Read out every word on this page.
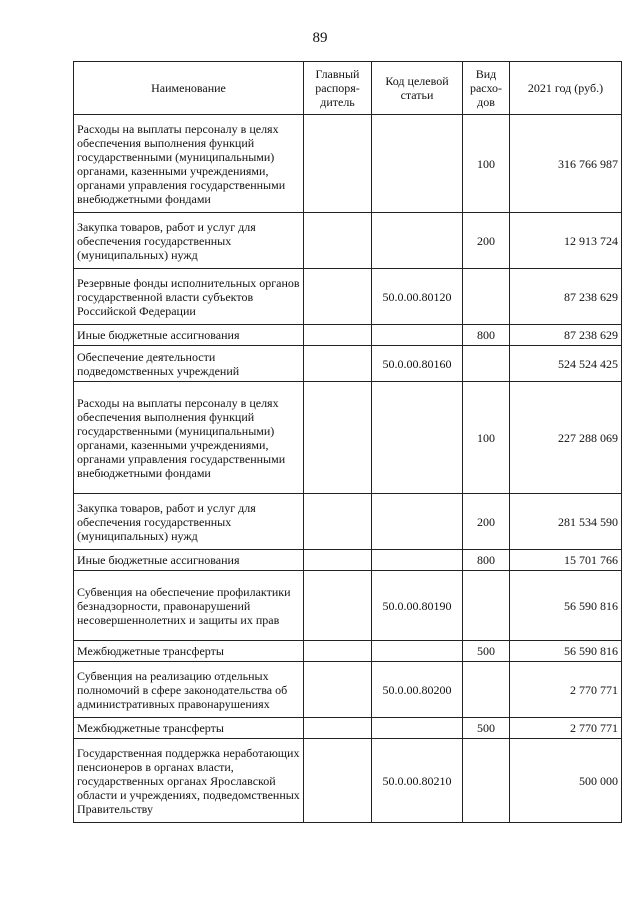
89
Наименование	Главный распоря-дитель	Код целевой статьи	Вид расхо-дов	2021 год (руб.)
Расходы на выплаты персоналу в целях обеспечения выполнения функций государственными (муниципальными) органами, казенными учреждениями, органами управления государственными внебюджетными фондами			100	316 766 987
Закупка товаров, работ и услуг для обеспечения государственных (муниципальных) нужд			200	12 913 724
Резервные фонды исполнительных органов государственной власти субъектов Российской Федерации		50.0.00.80120		87 238 629
Иные бюджетные ассигнования			800	87 238 629
Обеспечение деятельности подведомственных учреждений		50.0.00.80160		524 524 425
Расходы на выплаты персоналу в целях обеспечения выполнения функций государственными (муниципальными) органами, казенными учреждениями, органами управления государственными внебюджетными фондами			100	227 288 069
Закупка товаров, работ и услуг для обеспечения государственных (муниципальных) нужд			200	281 534 590
Иные бюджетные ассигнования			800	15 701 766
Субвенция на обеспечение профилактики безнадзорности, правонарушений несовершеннолетних и защиты их прав		50.0.00.80190		56 590 816
Межбюджетные трансферты			500	56 590 816
Субвенция на реализацию отдельных полномочий в сфере законодательства об административных правонарушениях		50.0.00.80200		2 770 771
Межбюджетные трансферты			500	2 770 771
Государственная поддержка неработающих пенсионеров в органах власти, государственных органах Ярославской области и учреждениях, подведомственных Правительству		50.0.00.80210		500 000
